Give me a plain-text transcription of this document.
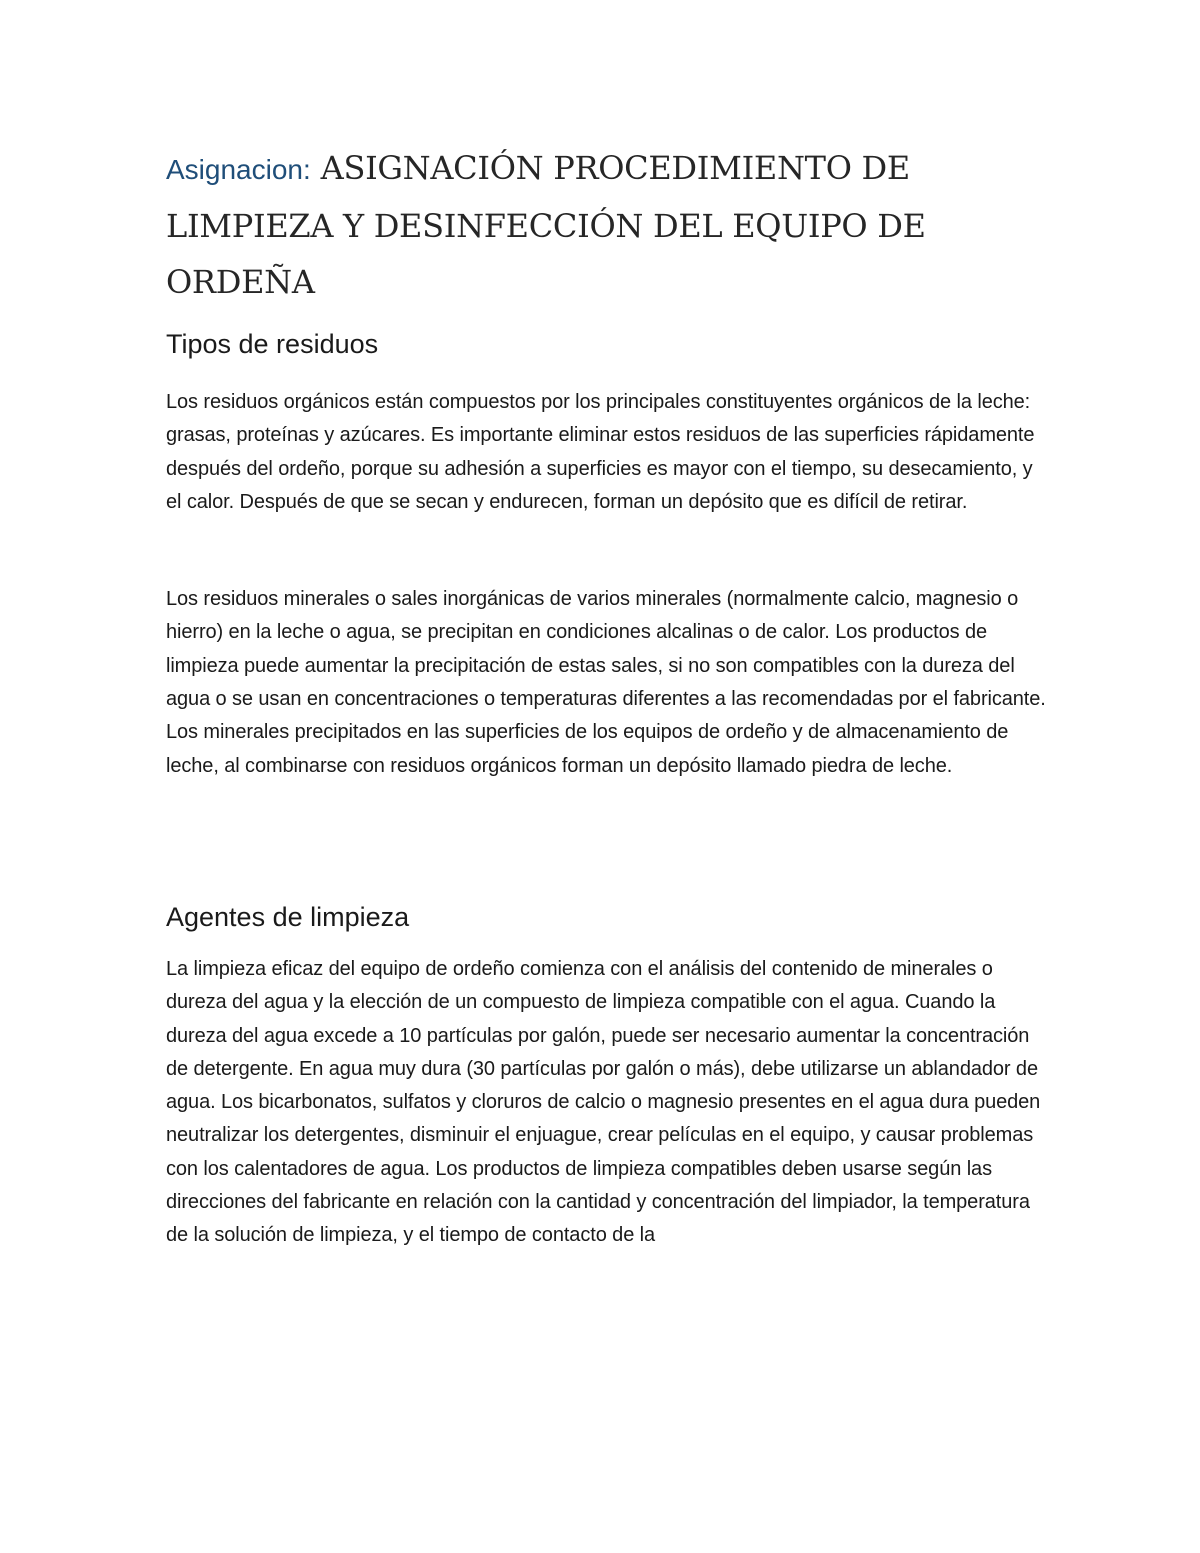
Asignacion: ASIGNACIÓN PROCEDIMIENTO DE LIMPIEZA Y DESINFECCIÓN DEL EQUIPO DE ORDEÑA
Tipos de residuos

Los residuos orgánicos están compuestos por los principales constituyentes orgánicos de la leche: grasas, proteínas y azúcares. Es importante eliminar estos residuos de las superficies rápidamente después del ordeño, porque su adhesión a superficies es mayor con el tiempo, su desecamiento, y el calor. Después de que se secan y endurecen, forman un depósito que es difícil de retirar.

Los residuos minerales o sales inorgánicas de varios minerales (normalmente calcio, magnesio o hierro) en la leche o agua, se precipitan en condiciones alcalinas o de calor. Los productos de limpieza puede aumentar la precipitación de estas sales, si no son compatibles con la dureza del agua o se usan en concentraciones o temperaturas diferentes a las recomendadas por el fabricante. Los minerales precipitados en las superficies de los equipos de ordeño y de almacenamiento de leche, al combinarse con residuos orgánicos forman un depósito llamado piedra de leche.

Agentes de limpieza

La limpieza eficaz del equipo de ordeño comienza con el análisis del contenido de minerales o dureza del agua y la elección de un compuesto de limpieza compatible con el agua. Cuando la dureza del agua excede a 10 partículas por galón, puede ser necesario aumentar la concentración de detergente. En agua muy dura (30 partículas por galón o más), debe utilizarse un ablandador de agua. Los bicarbonatos, sulfatos y cloruros de calcio o magnesio presentes en el agua dura pueden neutralizar los detergentes, disminuir el enjuague, crear películas en el equipo, y causar problemas con los calentadores de agua. Los productos de limpieza compatibles deben usarse según las direcciones del fabricante en relación con la cantidad y concentración del limpiador, la temperatura de la solución de limpieza, y el tiempo de contacto de la
